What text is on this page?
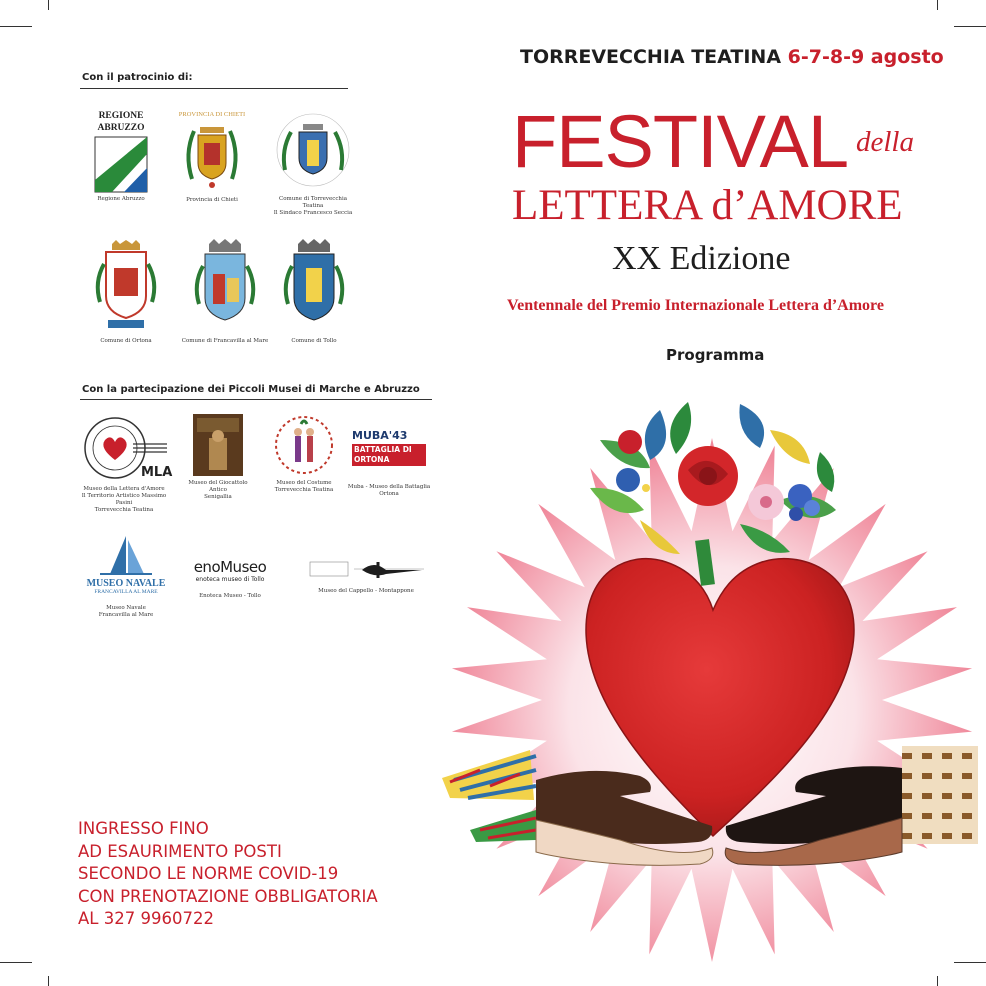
Con il patrocinio di:
REGIONE ABRUZZO
Regione Abruzzo
PROVINCIA DI CHIETI
Provincia di Chieti	Comune di Torrevecchia Teatina
Il Sindaco Francesco Seccia
Comune di Ortona	Comune di Francavilla al Mare	Comune di Tollo
Con la partecipazione dei Piccoli Musei di Marche e Abruzzo
MLA
Museo della Lettera d'Amore
Il Territorio Artistico Massimo Pasini
Torrevecchia Teatina
Museo del Giocattolo Antico
Senigallia
Museo del Costume
Torrevecchia Teatina
MUBA'43
BATTAGLIA DI ORTONA
Muba - Museo della Battaglia
Ortona
MUSEO NAVALE
FRANCAVILLA AL MARE
Museo Navale
Francavilla al Mare
enoMuseo
enoteca museo di Tollo
Enoteca Museo - Tollo
Museo del Cappello - Montappone
INGRESSO FINO
AD ESAURIMENTO POSTI
SECONDO LE NORME COVID-19
CON PRENOTAZIONE OBBLIGATORIA
AL 327 9960722
TORREVECCHIA TEATINA 6-7-8-9 agosto
FESTIVAL della
LETTERA d’AMORE
XX Edizione
Ventennale del Premio Internazionale Lettera d’Amore
Programma
